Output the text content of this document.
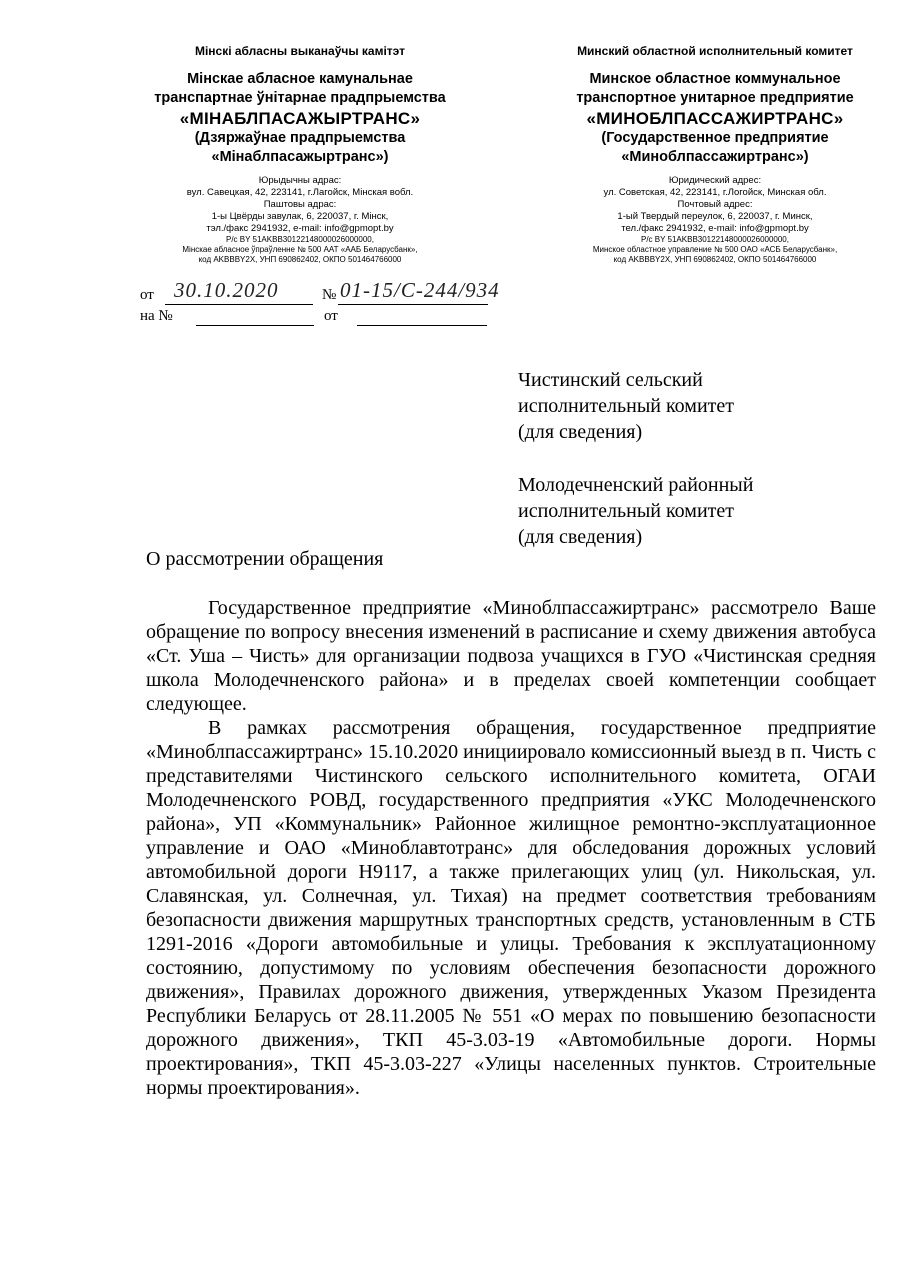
Мінскі абласны выканаўчы камітэт
Мінскае абласное камунальнае
транспартнае ўнітарнае прадпрыемства
«МІНАБЛПАСАЖЫРТРАНС»
(Дзяржаўнае прадпрыемства
«Мінаблпасажыртранс»)
Юрыдычны адрас:
вул. Савецкая, 42, 223141, г.Лагойск, Мінская вобл.
Паштовы адрас:
1-ы Цвёрды завулак, 6, 220037, г. Мінск,
тэл./факс 2941932, e-mail: info@gpmopt.by
Р/с BY 51AKBB30122148000026000000,
Мінскае абласное ўпраўленне № 500 ААТ «ААБ Беларусбанк»,
код AKBBBY2X, УНП 690862402, ОКПО 501464766000
Минский областной исполнительный комитет
Минское областное коммунальное
транспортное унитарное предприятие
«МИНОБЛПАССАЖИРТРАНС»
(Государственное предприятие
«Миноблпассажиртранс»)
Юридический адрес:
ул. Советская, 42, 223141, г.Логойск, Минская обл.
Почтовый адрес:
1-ый Твердый переулок, 6, 220037, г. Минск,
тел./факс 2941932, e-mail: info@gpmopt.by
Р/с BY 51AKBB30122148000026000000,
Минское областное управление № 500 ОАО «АСБ Беларусбанк»,
код AKBBBY2X, УНП 690862402, ОКПО 501464766000
от 30.10.2020	№ 01-15/С-244/934
на №	от
Чистинский сельский
исполнительный комитет
(для сведения)
Молодечненский районный
исполнительный комитет
(для сведения)
О рассмотрении обращения

Государственное предприятие «Миноблпассажиртранс» рассмотрело Ваше обращение по вопросу внесения изменений в расписание и схему движения автобуса «Ст. Уша – Чисть» для организации подвоза учащихся в ГУО «Чистинская средняя школа Молодечненского района» и в пределах своей компетенции сообщает следующее.

В рамках рассмотрения обращения, государственное предприятие «Миноблпассажиртранс» 15.10.2020 инициировало комиссионный выезд в п. Чисть с представителями Чистинского сельского исполнительного комитета, ОГАИ Молодечненского РОВД, государственного предприятия «УКС Молодечненского района», УП «Коммунальник» Районное жилищное ремонтно-эксплуатационное управление и ОАО «Миноблавтотранс» для обследования дорожных условий автомобильной дороги Н9117, а также прилегающих улиц (ул. Никольская, ул. Славянская, ул. Солнечная, ул. Тихая) на предмет соответствия требованиям безопасности движения маршрутных транспортных средств, установленным в СТБ 1291-2016 «Дороги автомобильные и улицы. Требования к эксплуатационному состоянию, допустимому по условиям обеспечения безопасности дорожного движения», Правилах дорожного движения, утвержденных Указом Президента Республики Беларусь от 28.11.2005 № 551 «О мерах по повышению безопасности дорожного движения», ТКП 45-3.03-19 «Автомобильные дороги. Нормы проектирования», ТКП 45-3.03-227 «Улицы населенных пунктов. Строительные нормы проектирования».
